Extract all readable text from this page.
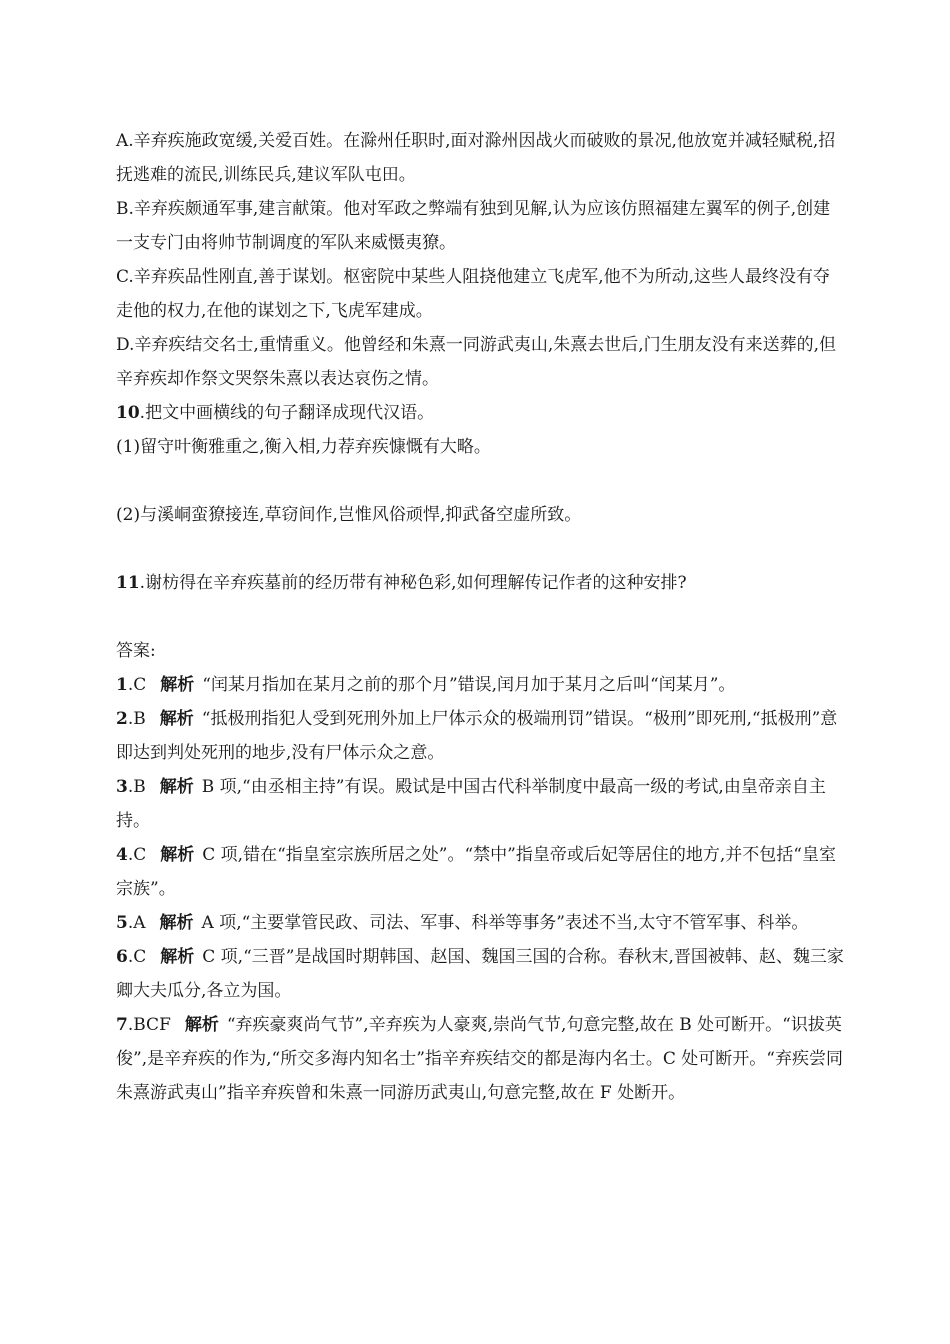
A.辛弃疾施政宽缓,关爱百姓。在滁州任职时,面对滁州因战火而破败的景况,他放宽并减轻赋税,招抚逃难的流民,训练民兵,建议军队屯田。

B.辛弃疾颇通军事,建言献策。他对军政之弊端有独到见解,认为应该仿照福建左翼军的例子,创建一支专门由将帅节制调度的军队来威慑夷獠。

C.辛弃疾品性刚直,善于谋划。枢密院中某些人阻挠他建立飞虎军,他不为所动,这些人最终没有夺走他的权力,在他的谋划之下,飞虎军建成。

D.辛弃疾结交名士,重情重义。他曾经和朱熹一同游武夷山,朱熹去世后,门生朋友没有来送葬的,但辛弃疾却作祭文哭祭朱熹以表达哀伤之情。

10.把文中画横线的句子翻译成现代汉语。

(1)留守叶衡雅重之,衡入相,力荐弃疾慷慨有大略。

(2)与溪峒蛮獠接连,草窃间作,岂惟风俗顽悍,抑武备空虚所致。

11.谢枋得在辛弃疾墓前的经历带有神秘色彩,如何理解传记作者的这种安排?

答案:

1.C 解析 “闰某月指加在某月之前的那个月”错误,闰月加于某月之后叫“闰某月”。

2.B 解析 “抵极刑指犯人受到死刑外加上尸体示众的极端刑罚”错误。“极刑”即死刑,“抵极刑”意即达到判处死刑的地步,没有尸体示众之意。

3.B 解析 B 项,“由丞相主持”有误。殿试是中国古代科举制度中最高一级的考试,由皇帝亲自主持。

4.C 解析 C 项,错在“指皇室宗族所居之处”。“禁中”指皇帝或后妃等居住的地方,并不包括“皇室宗族”。

5.A 解析 A 项,“主要掌管民政、司法、军事、科举等事务”表述不当,太守不管军事、科举。

6.C 解析 C 项,“三晋”是战国时期韩国、赵国、魏国三国的合称。春秋末,晋国被韩、赵、魏三家卿大夫瓜分,各立为国。

7.BCF 解析 “弃疾豪爽尚气节”,辛弃疾为人豪爽,崇尚气节,句意完整,故在 B 处可断开。“识拔英俊”,是辛弃疾的作为,“所交多海内知名士”指辛弃疾结交的都是海内名士。C 处可断开。“弃疾尝同朱熹游武夷山”指辛弃疾曾和朱熹一同游历武夷山,句意完整,故在 F 处断开。
